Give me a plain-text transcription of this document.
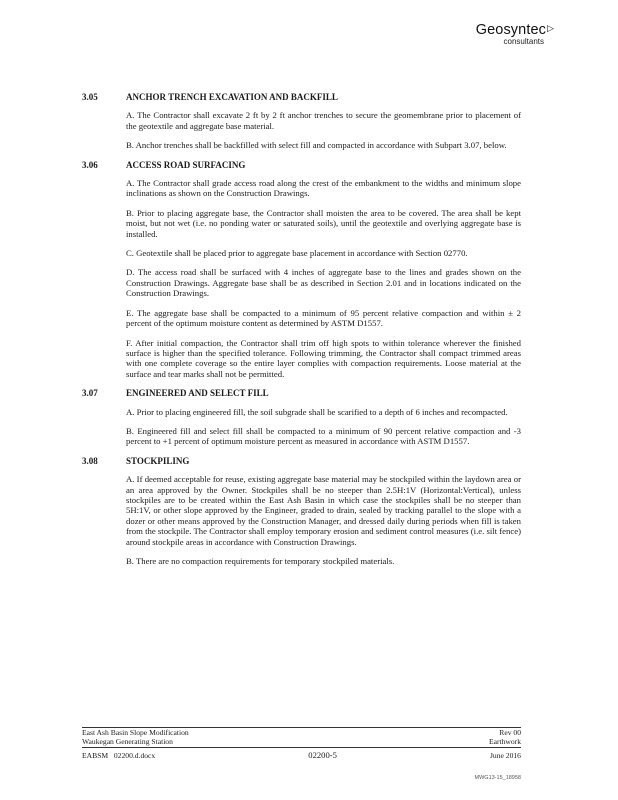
Geosyntec▷
consultants
3.05	ANCHOR TRENCH EXCAVATION AND BACKFILL
A. The Contractor shall excavate 2 ft by 2 ft anchor trenches to secure the geomembrane prior to placement of the geotextile and aggregate base material.
B. Anchor trenches shall be backfilled with select fill and compacted in accordance with Subpart 3.07, below.
3.06	ACCESS ROAD SURFACING
A. The Contractor shall grade access road along the crest of the embankment to the widths and minimum slope inclinations as shown on the Construction Drawings.
B. Prior to placing aggregate base, the Contractor shall moisten the area to be covered. The area shall be kept moist, but not wet (i.e. no ponding water or saturated soils), until the geotextile and overlying aggregate base is installed.
C. Geotextile shall be placed prior to aggregate base placement in accordance with Section 02770.
D. The access road shall be surfaced with 4 inches of aggregate base to the lines and grades shown on the Construction Drawings. Aggregate base shall be as described in Section 2.01 and in locations indicated on the Construction Drawings.
E. The aggregate base shall be compacted to a minimum of 95 percent relative compaction and within ± 2 percent of the optimum moisture content as determined by ASTM D1557.
F. After initial compaction, the Contractor shall trim off high spots to within tolerance wherever the finished surface is higher than the specified tolerance. Following trimming, the Contractor shall compact trimmed areas with one complete coverage so the entire layer complies with compaction requirements. Loose material at the surface and tear marks shall not be permitted.
3.07	ENGINEERED AND SELECT FILL
A. Prior to placing engineered fill, the soil subgrade shall be scarified to a depth of 6 inches and recompacted.
B. Engineered fill and select fill shall be compacted to a minimum of 90 percent relative compaction and -3 percent to +1 percent of optimum moisture percent as measured in accordance with ASTM D1557.
3.08	STOCKPILING
A. If deemed acceptable for reuse, existing aggregate base material may be stockpiled within the laydown area or an area approved by the Owner. Stockpiles shall be no steeper than 2.5H:1V (Horizontal:Vertical), unless stockpiles are to be created within the East Ash Basin in which case the stockpiles shall be no steeper than 5H:1V, or other slope approved by the Engineer, graded to drain, sealed by tracking parallel to the slope with a dozer or other means approved by the Construction Manager, and dressed daily during periods when fill is taken from the stockpile. The Contractor shall employ temporary erosion and sediment control measures (i.e. silt fence) around stockpile areas in accordance with Construction Drawings.
B. There are no compaction requirements for temporary stockpiled materials.
East Ash Basin Slope Modification	Rev 00
Waukegan Generating Station	Earthwork
EABSM 02200.d.docx	02200-5	June 2016
MWG13-15_18958
